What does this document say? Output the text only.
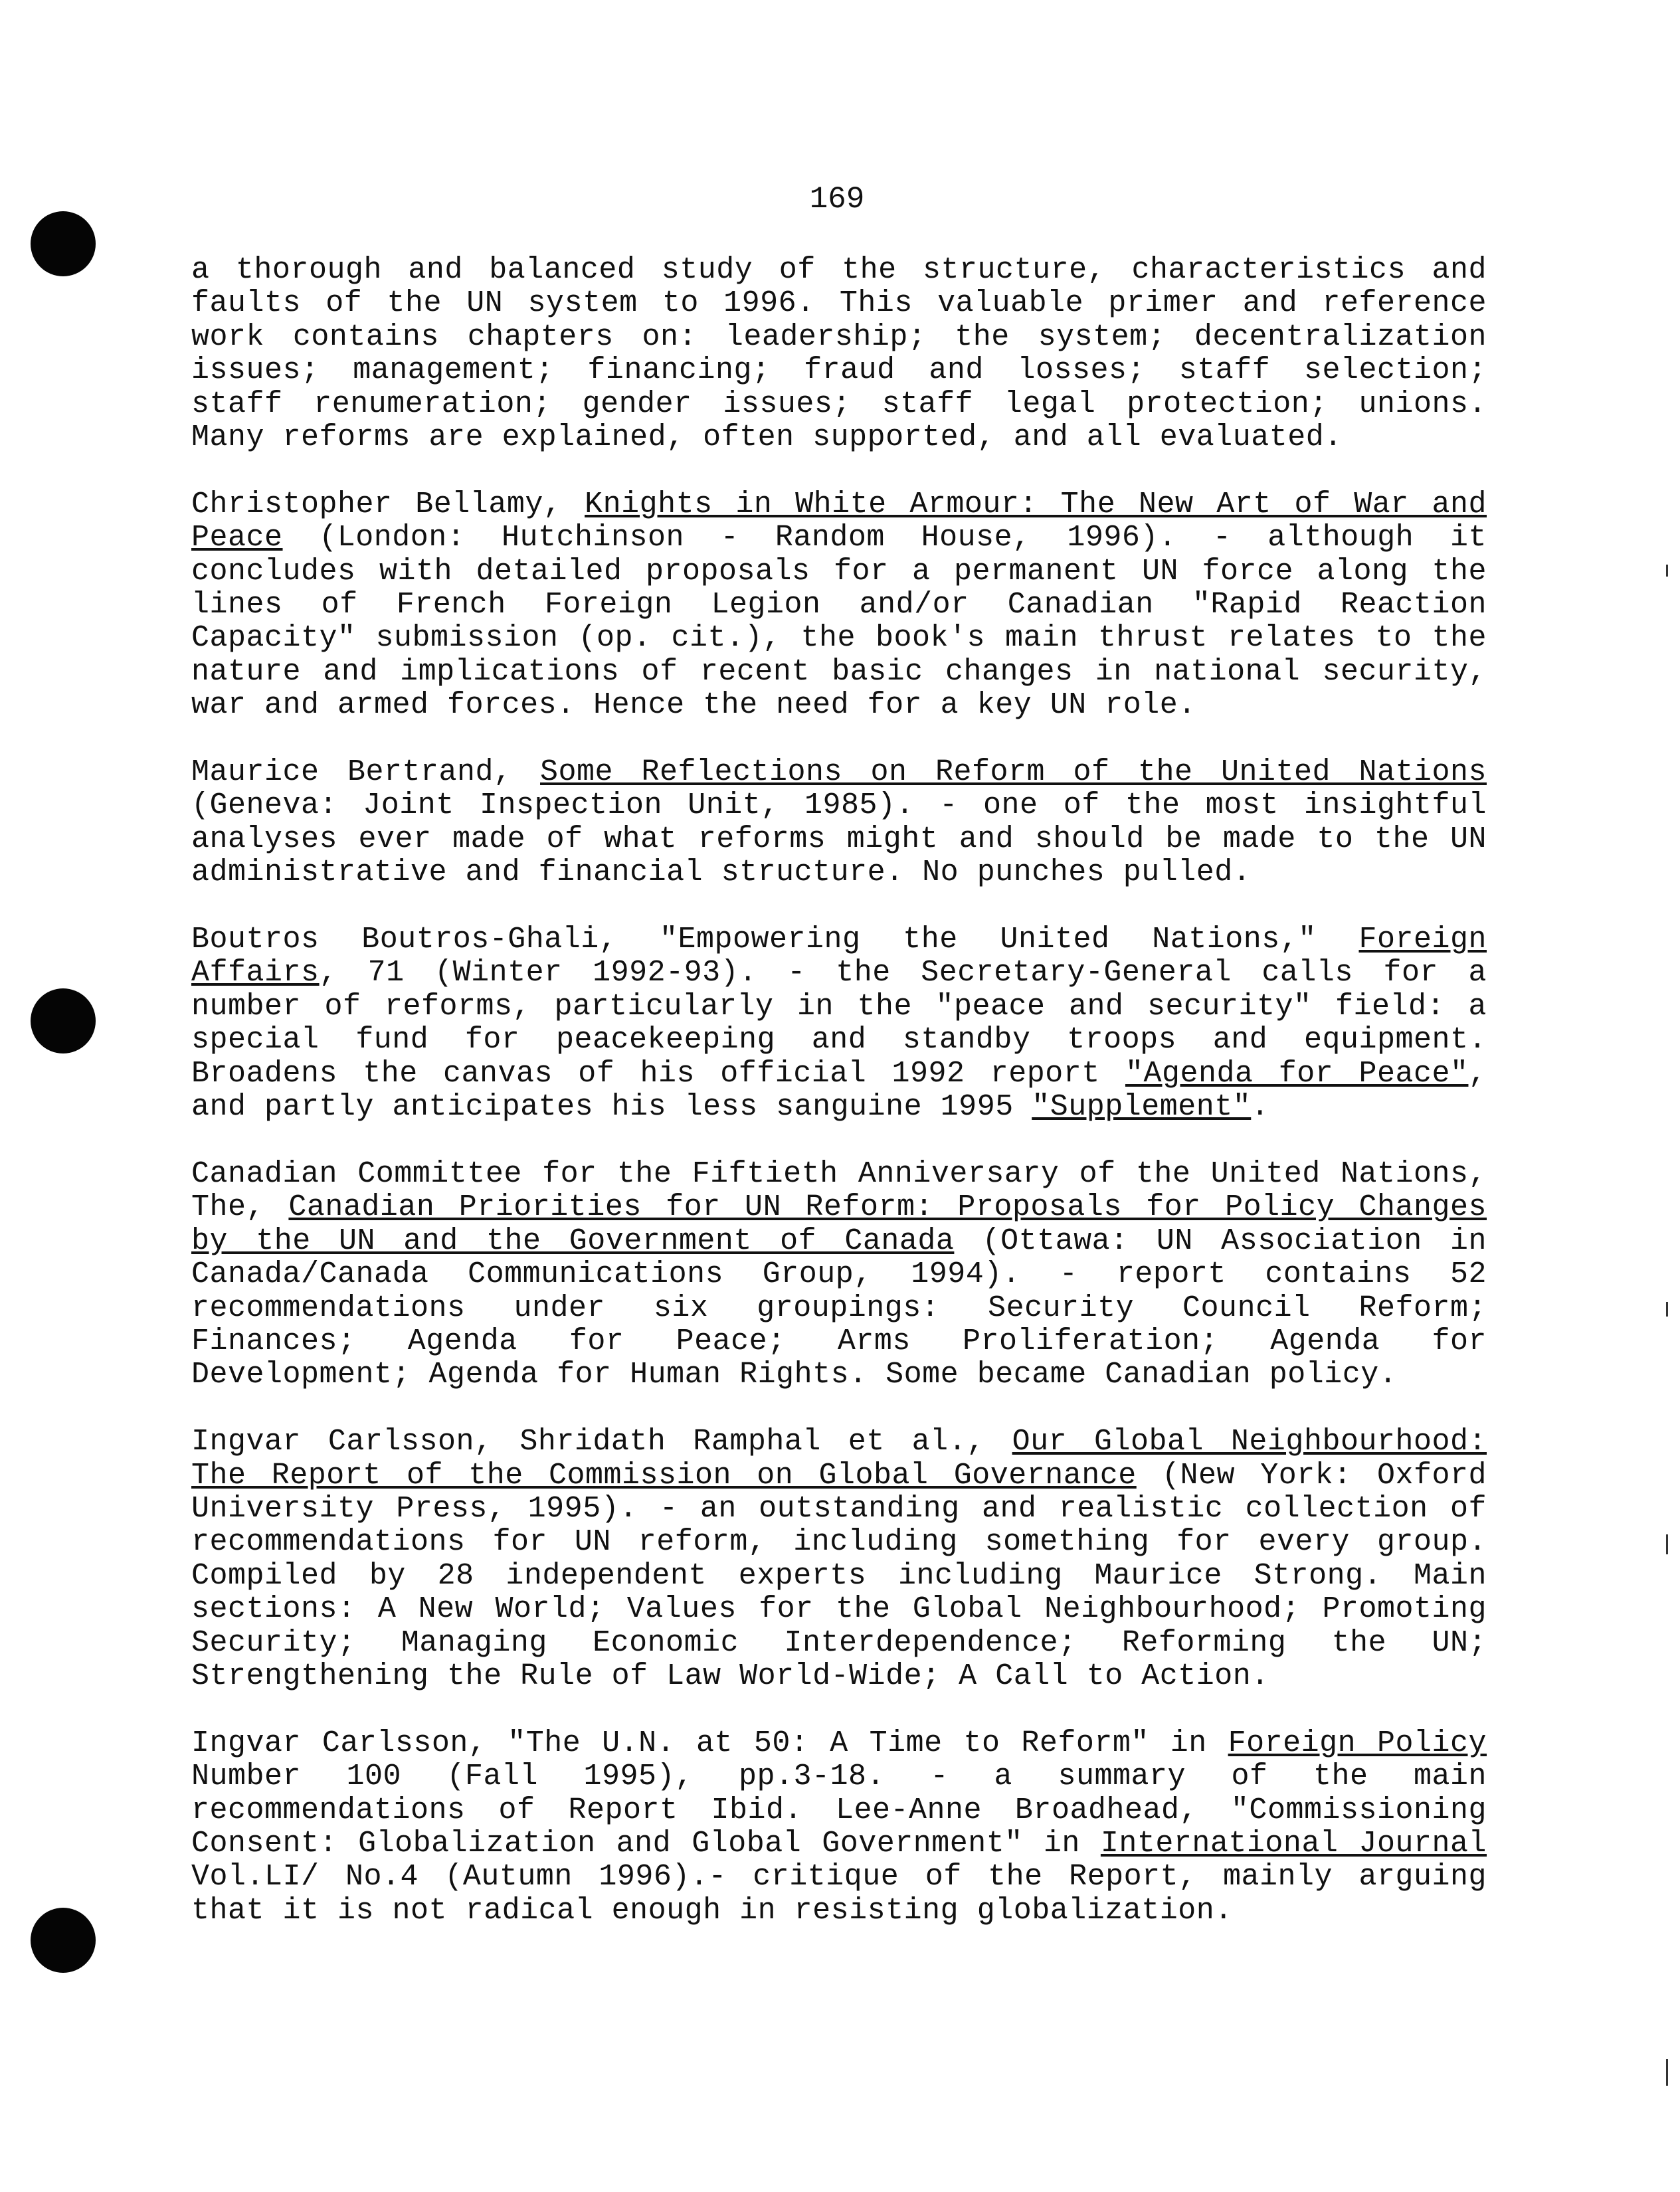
169

a thorough and balanced study of the structure, characteristics and faults of the UN system to 1996. This valuable primer and reference work contains chapters on: leadership; the system; decentralization issues; management; financing; fraud and losses; staff selection; staff renumeration; gender issues; staff legal protection; unions. Many reforms are explained, often supported, and all evaluated.

Christopher Bellamy, Knights in White Armour: The New Art of War and Peace (London: Hutchinson - Random House, 1996). - although it concludes with detailed proposals for a permanent UN force along the lines of French Foreign Legion and/or Canadian "Rapid Reaction Capacity" submission (op. cit.), the book's main thrust relates to the nature and implications of recent basic changes in national security, war and armed forces. Hence the need for a key UN role.

Maurice Bertrand, Some Reflections on Reform of the United Nations (Geneva: Joint Inspection Unit, 1985). - one of the most insightful analyses ever made of what reforms might and should be made to the UN administrative and financial structure. No punches pulled.

Boutros Boutros-Ghali, "Empowering the United Nations," Foreign Affairs, 71 (Winter 1992-93). - the Secretary-General calls for a number of reforms, particularly in the "peace and security" field: a special fund for peacekeeping and standby troops and equipment. Broadens the canvas of his official 1992 report "Agenda for Peace", and partly anticipates his less sanguine 1995 "Supplement".

Canadian Committee for the Fiftieth Anniversary of the United Nations, The, Canadian Priorities for UN Reform: Proposals for Policy Changes by the UN and the Government of Canada (Ottawa: UN Association in Canada/Canada Communications Group, 1994). - report contains 52 recommendations under six groupings: Security Council Reform; Finances; Agenda for Peace; Arms Proliferation; Agenda for Development; Agenda for Human Rights. Some became Canadian policy.

Ingvar Carlsson, Shridath Ramphal et al., Our Global Neighbourhood: The Report of the Commission on Global Governance (New York: Oxford University Press, 1995). - an outstanding and realistic collection of recommendations for UN reform, including something for every group. Compiled by 28 independent experts including Maurice Strong. Main sections: A New World; Values for the Global Neighbourhood; Promoting Security; Managing Economic Interdependence; Reforming the UN; Strengthening the Rule of Law World-Wide; A Call to Action.

Ingvar Carlsson, "The U.N. at 50: A Time to Reform" in Foreign Policy Number 100 (Fall 1995), pp.3-18. - a summary of the main recommendations of Report Ibid. Lee-Anne Broadhead, "Commissioning Consent: Globalization and Global Government" in International Journal Vol.LI/ No.4 (Autumn 1996).- critique of the Report, mainly arguing that it is not radical enough in resisting globalization.
